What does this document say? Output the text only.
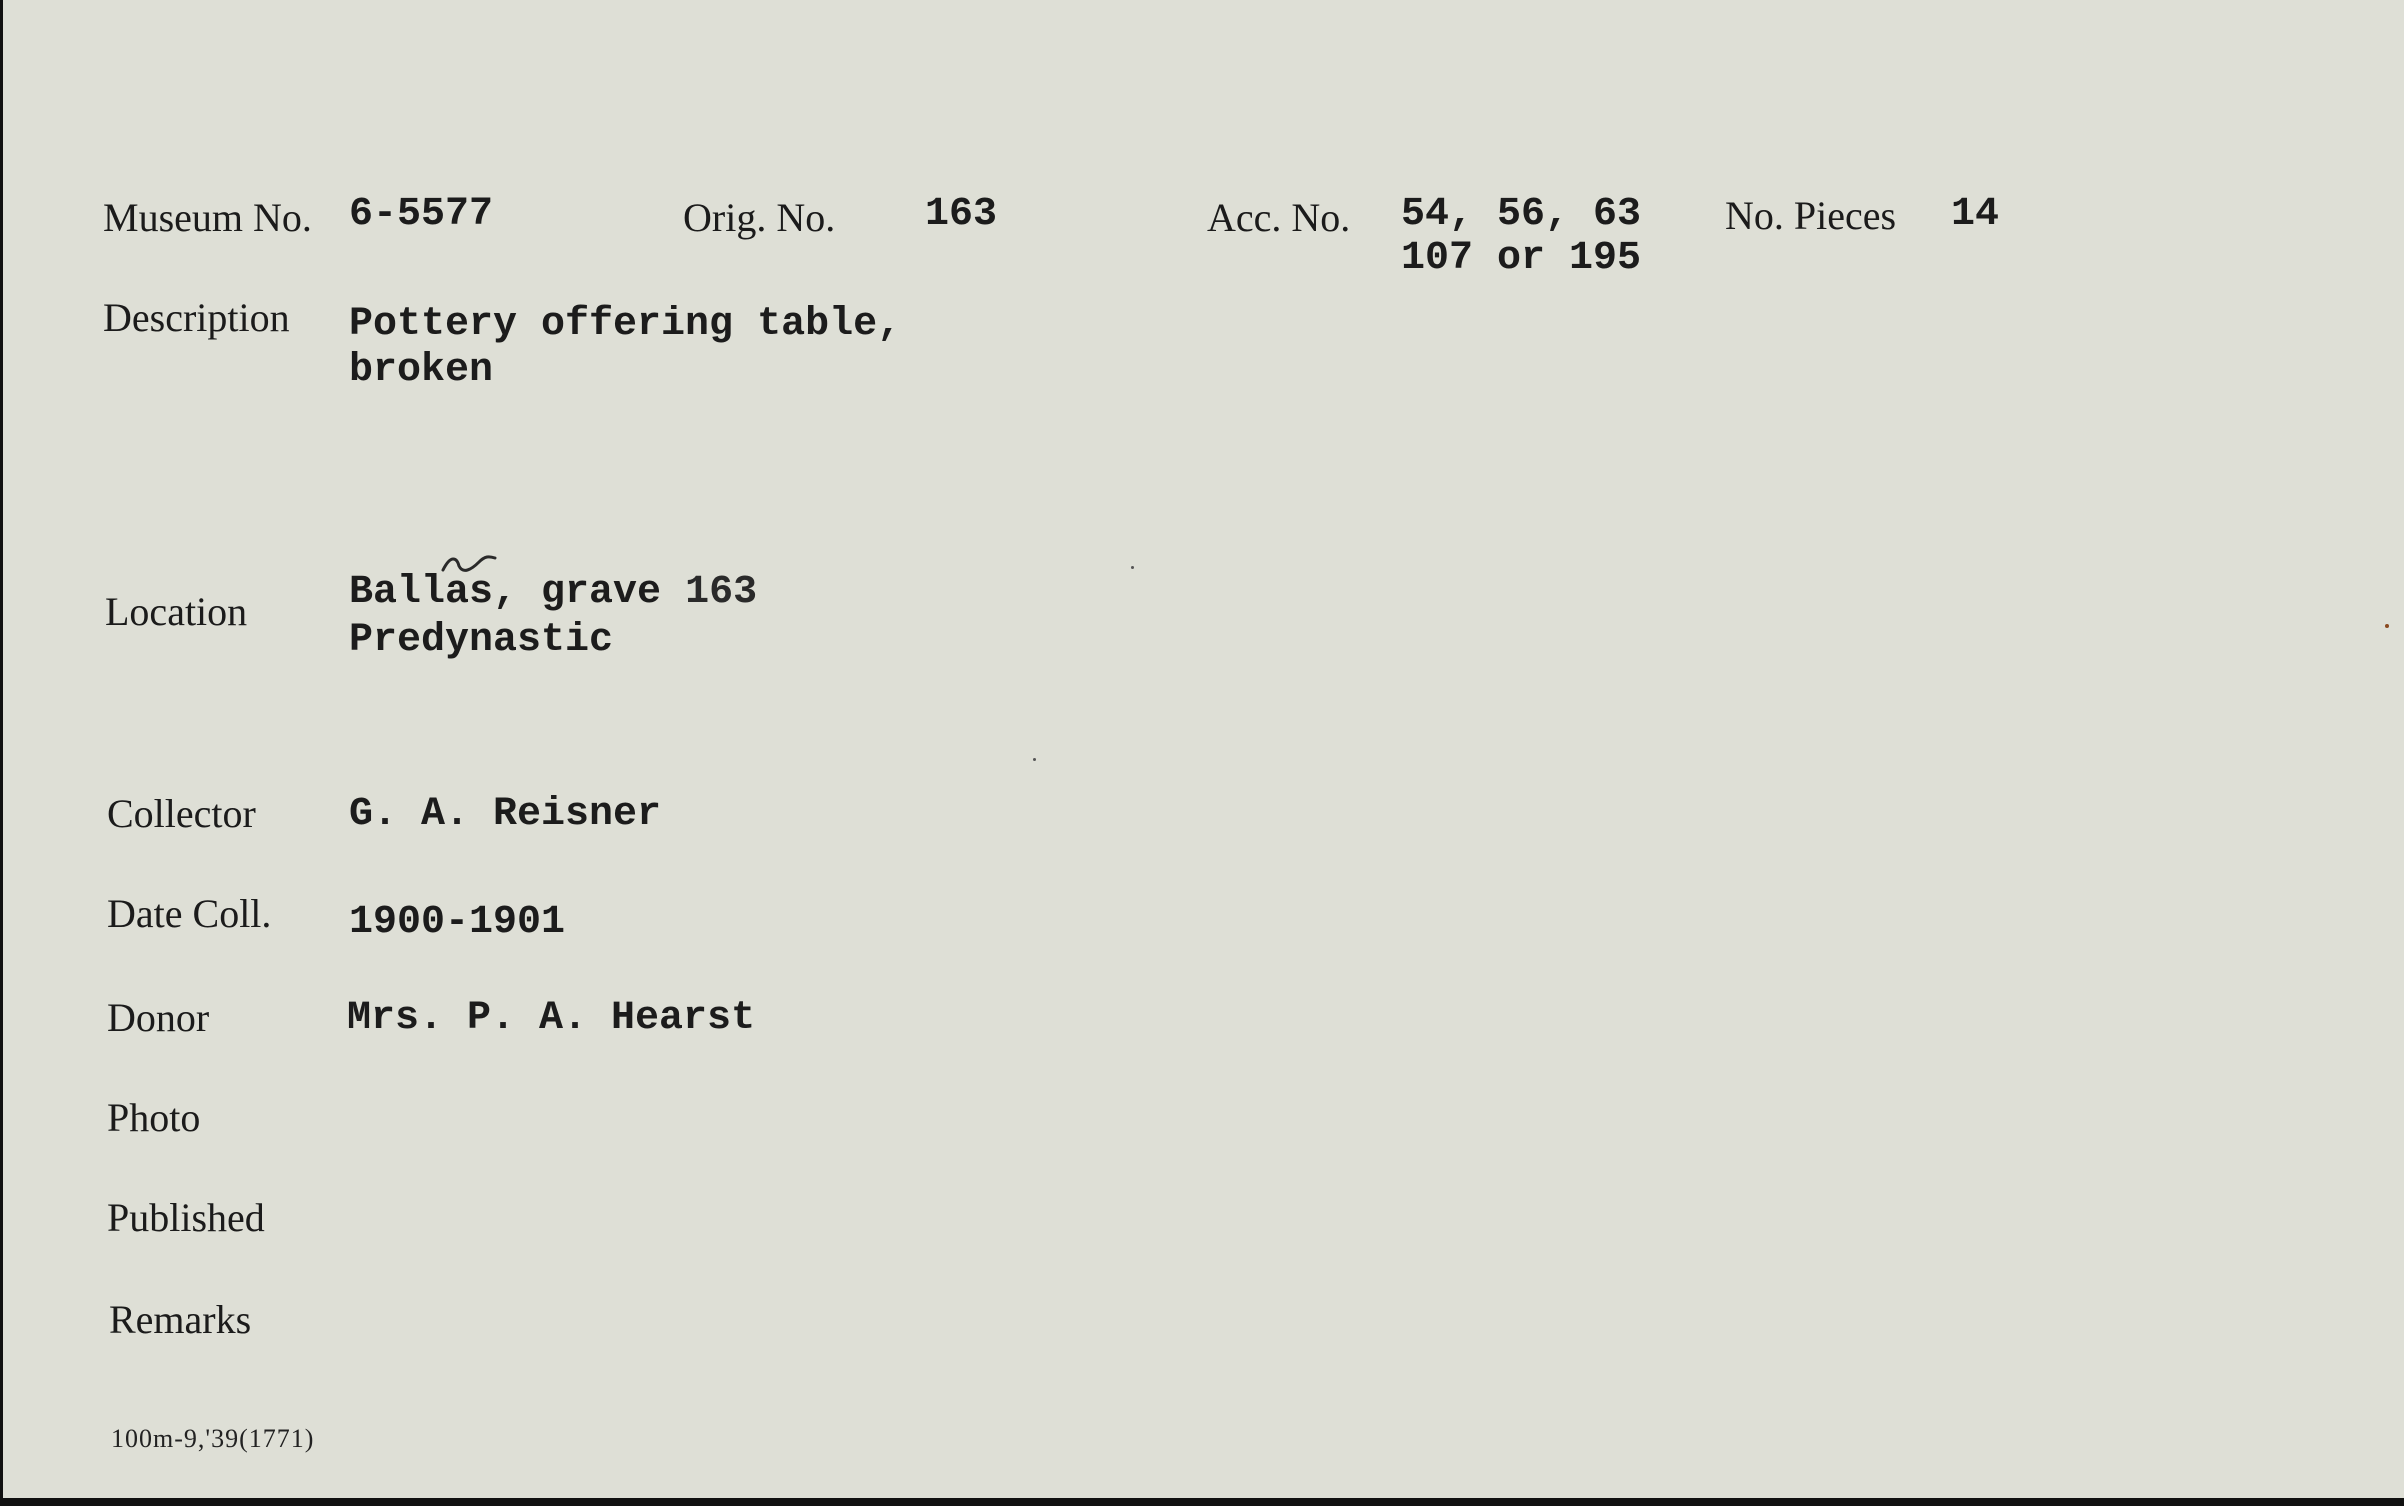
Museum No. 6-5577	Orig. No. 163	Acc. No. 54, 56, 63
107 or 195
No. Pieces 14
Description Pottery offering table,
broken
Location	Ballas, grave 163
Predynastic
Collector G. A. Reisner
Date Coll. 1900-1901
Donor	Mrs. P. A. Hearst
Photo
Published
Remarks
100m-9,'39(1771)
